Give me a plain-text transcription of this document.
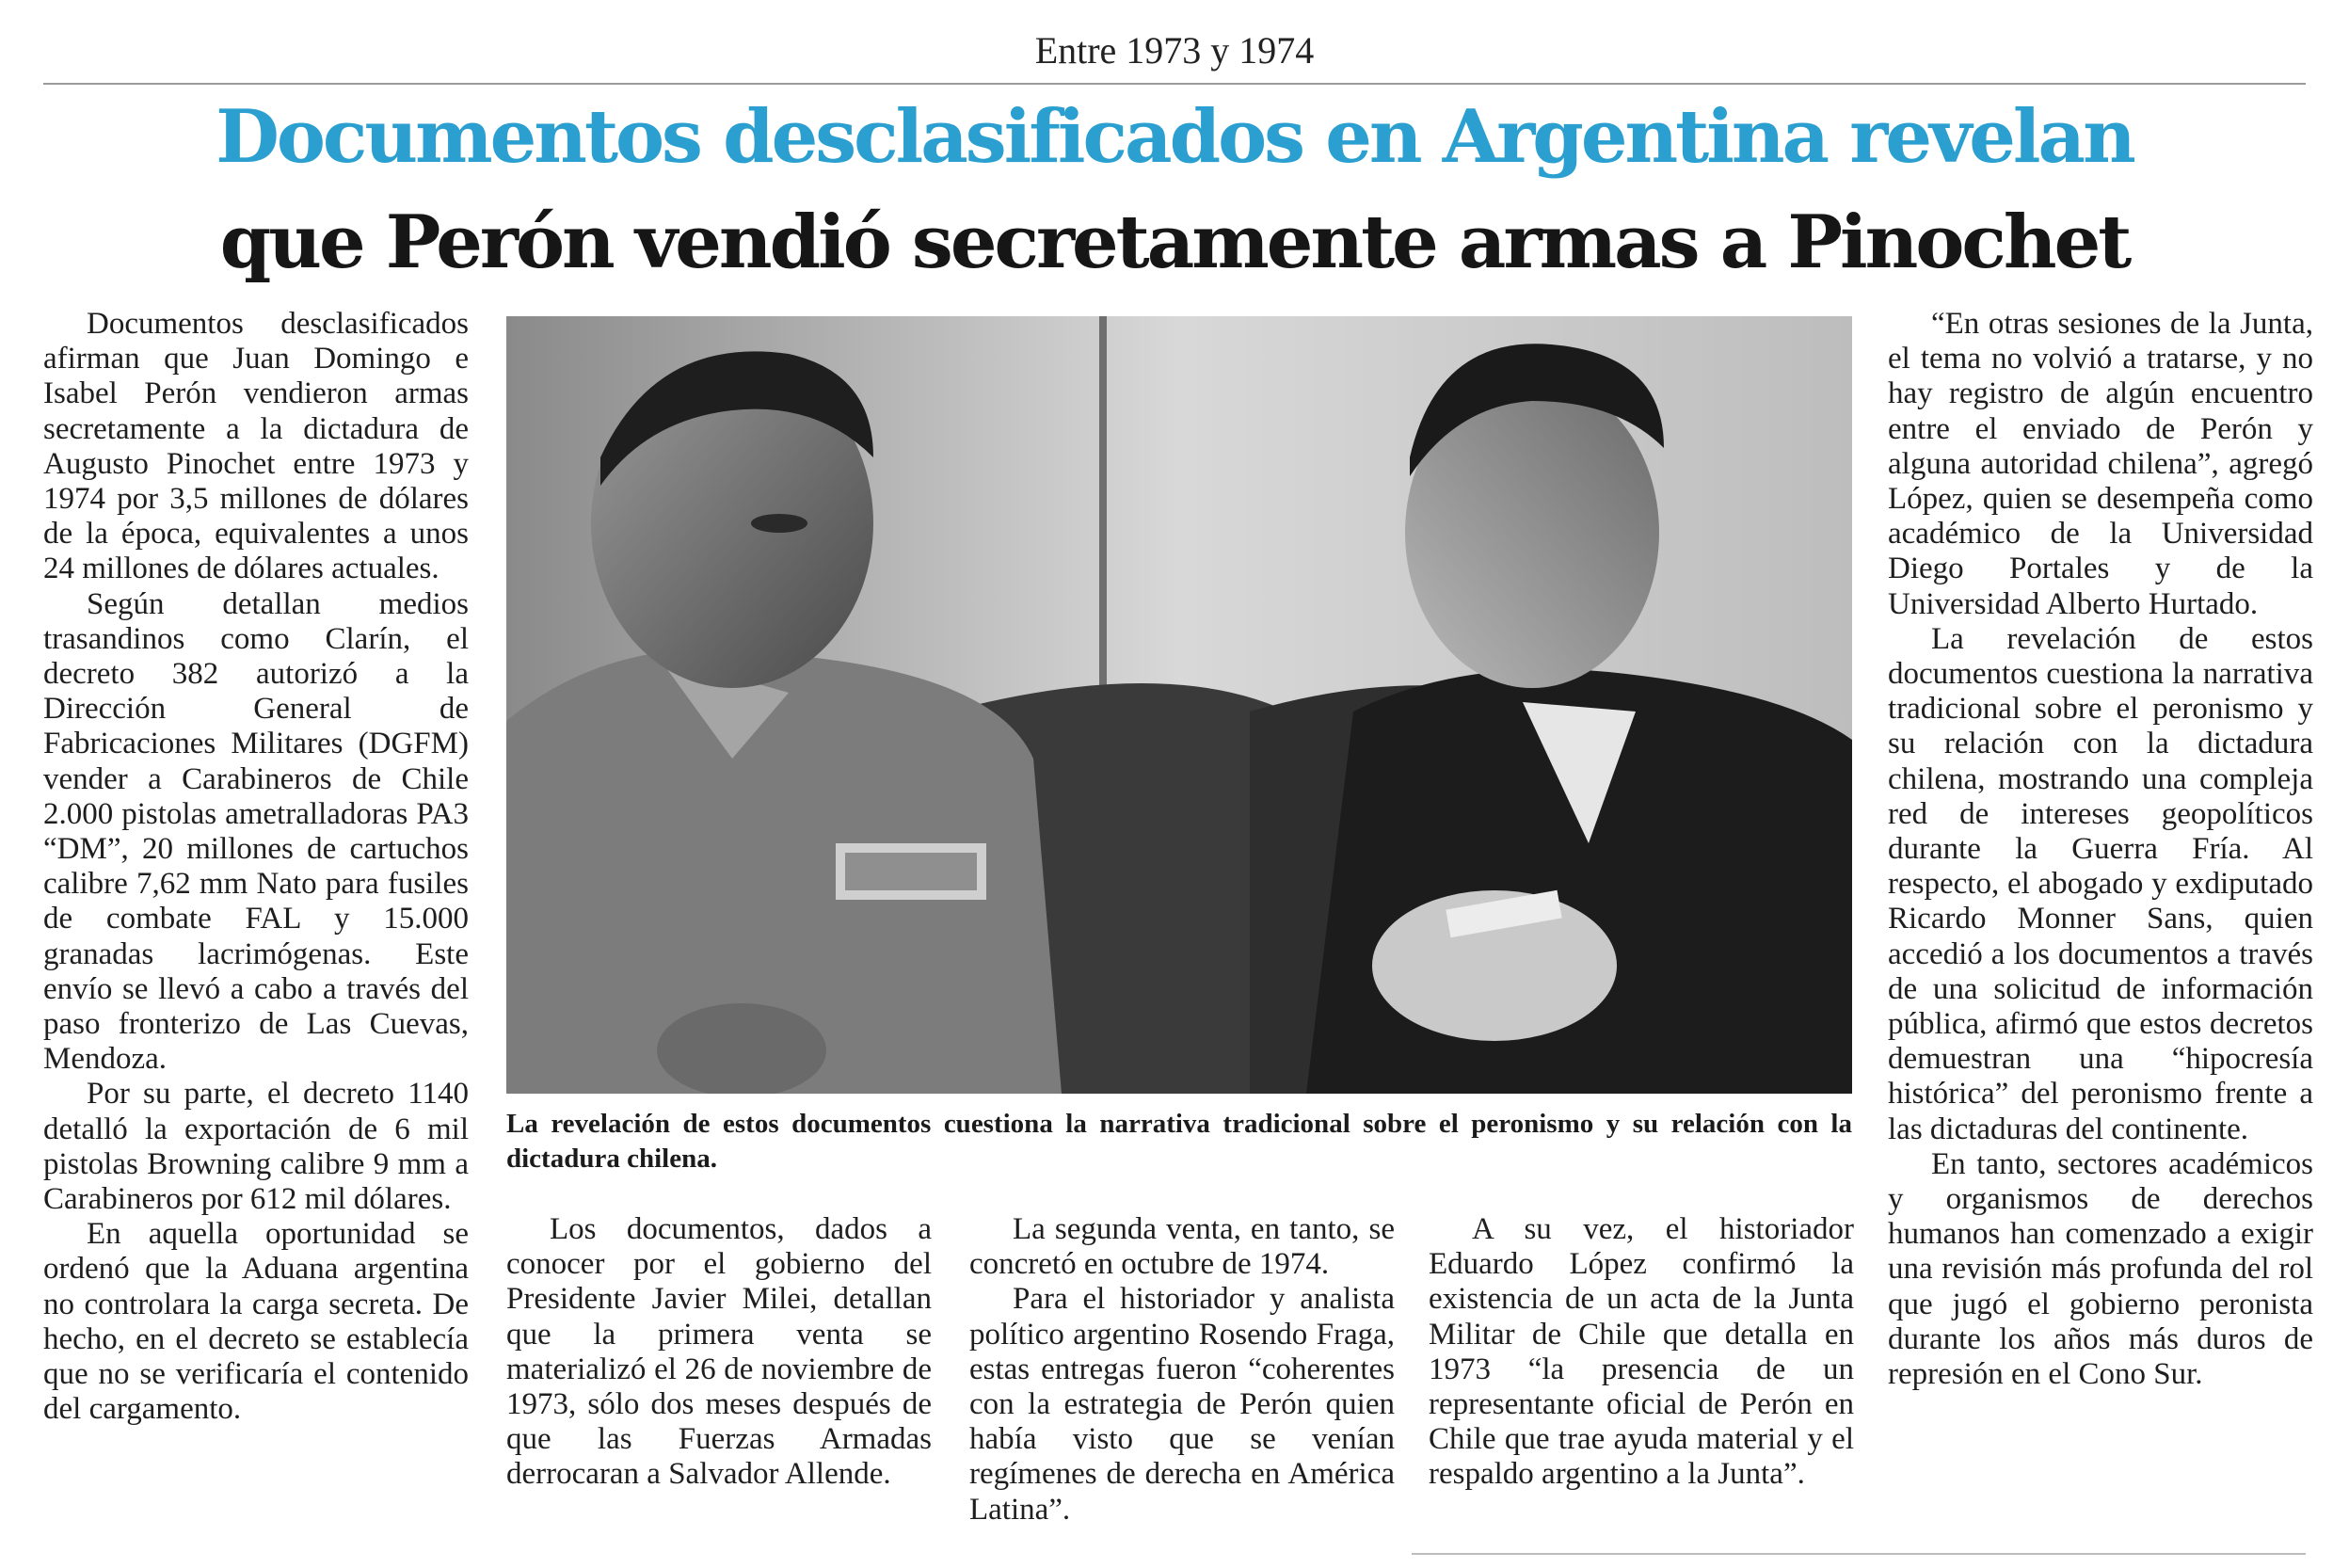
Entre 1973 y 1974
Documentos desclasificados en Argentina revelan
que Perón vendió secretamente armas a Pinochet

Documentos desclasificados afirman que Juan Domingo e Isabel Perón vendieron armas secretamente a la dictadura de Augusto Pinochet entre 1973 y 1974 por 3,5 millones de dólares de la época, equivalentes a unos 24 millones de dólares actuales.

Según detallan medios trasandinos como Clarín, el decreto 382 autorizó a la Dirección General de Fabricaciones Militares (DGFM) vender a Carabineros de Chile 2.000 pistolas ametralladoras PA3 “DM”, 20 millones de cartuchos calibre 7,62 mm Nato para fusiles de combate FAL y 15.000 granadas lacrimógenas. Este envío se llevó a cabo a través del paso fronterizo de Las Cuevas, Mendoza.

Por su parte, el decreto 1140 detalló la exportación de 6 mil pistolas Browning calibre 9 mm a Carabineros por 612 mil dólares.

En aquella oportunidad se ordenó que la Aduana argentina no controlara la carga secreta. De hecho, en el decreto se establecía que no se verificaría el contenido del cargamento.

La revelación de estos documentos cuestiona la narrativa tradicional sobre el peronismo y su relación con la dictadura chilena.

Los documentos, dados a conocer por el gobierno del Presidente Javier Milei, detallan que la primera venta se materializó el 26 de noviembre de 1973, sólo dos meses después de que las Fuerzas Armadas derrocaran a Salvador Allende.

La segunda venta, en tanto, se concretó en octubre de 1974.

Para el historiador y analista político argentino Rosendo Fraga, estas entregas fueron “coherentes con la estrategia de Perón quien había visto que se venían regímenes de derecha en América Latina”.

A su vez, el historiador Eduardo López confirmó la existencia de un acta de la Junta Militar de Chile que detalla en 1973 “la presencia de un representante oficial de Perón en Chile que trae ayuda material y el respaldo argentino a la Junta”.

“En otras sesiones de la Junta, el tema no volvió a tratarse, y no hay registro de algún encuentro entre el enviado de Perón y alguna autoridad chilena”, agregó López, quien se desempeña como académico de la Universidad Diego Portales y de la Universidad Alberto Hurtado.

La revelación de estos documentos cuestiona la narrativa tradicional sobre el peronismo y su relación con la dictadura chilena, mostrando una compleja red de intereses geopolíticos durante la Guerra Fría. Al respecto, el abogado y exdiputado Ricardo Monner Sans, quien accedió a los documentos a través de una solicitud de información pública, afirmó que estos decretos demuestran una “hipocresía histórica” del peronismo frente a las dictaduras del continente.

En tanto, sectores académicos y organismos de derechos humanos han comenzado a exigir una revisión más profunda del rol que jugó el gobierno peronista durante los años más duros de represión en el Cono Sur.
